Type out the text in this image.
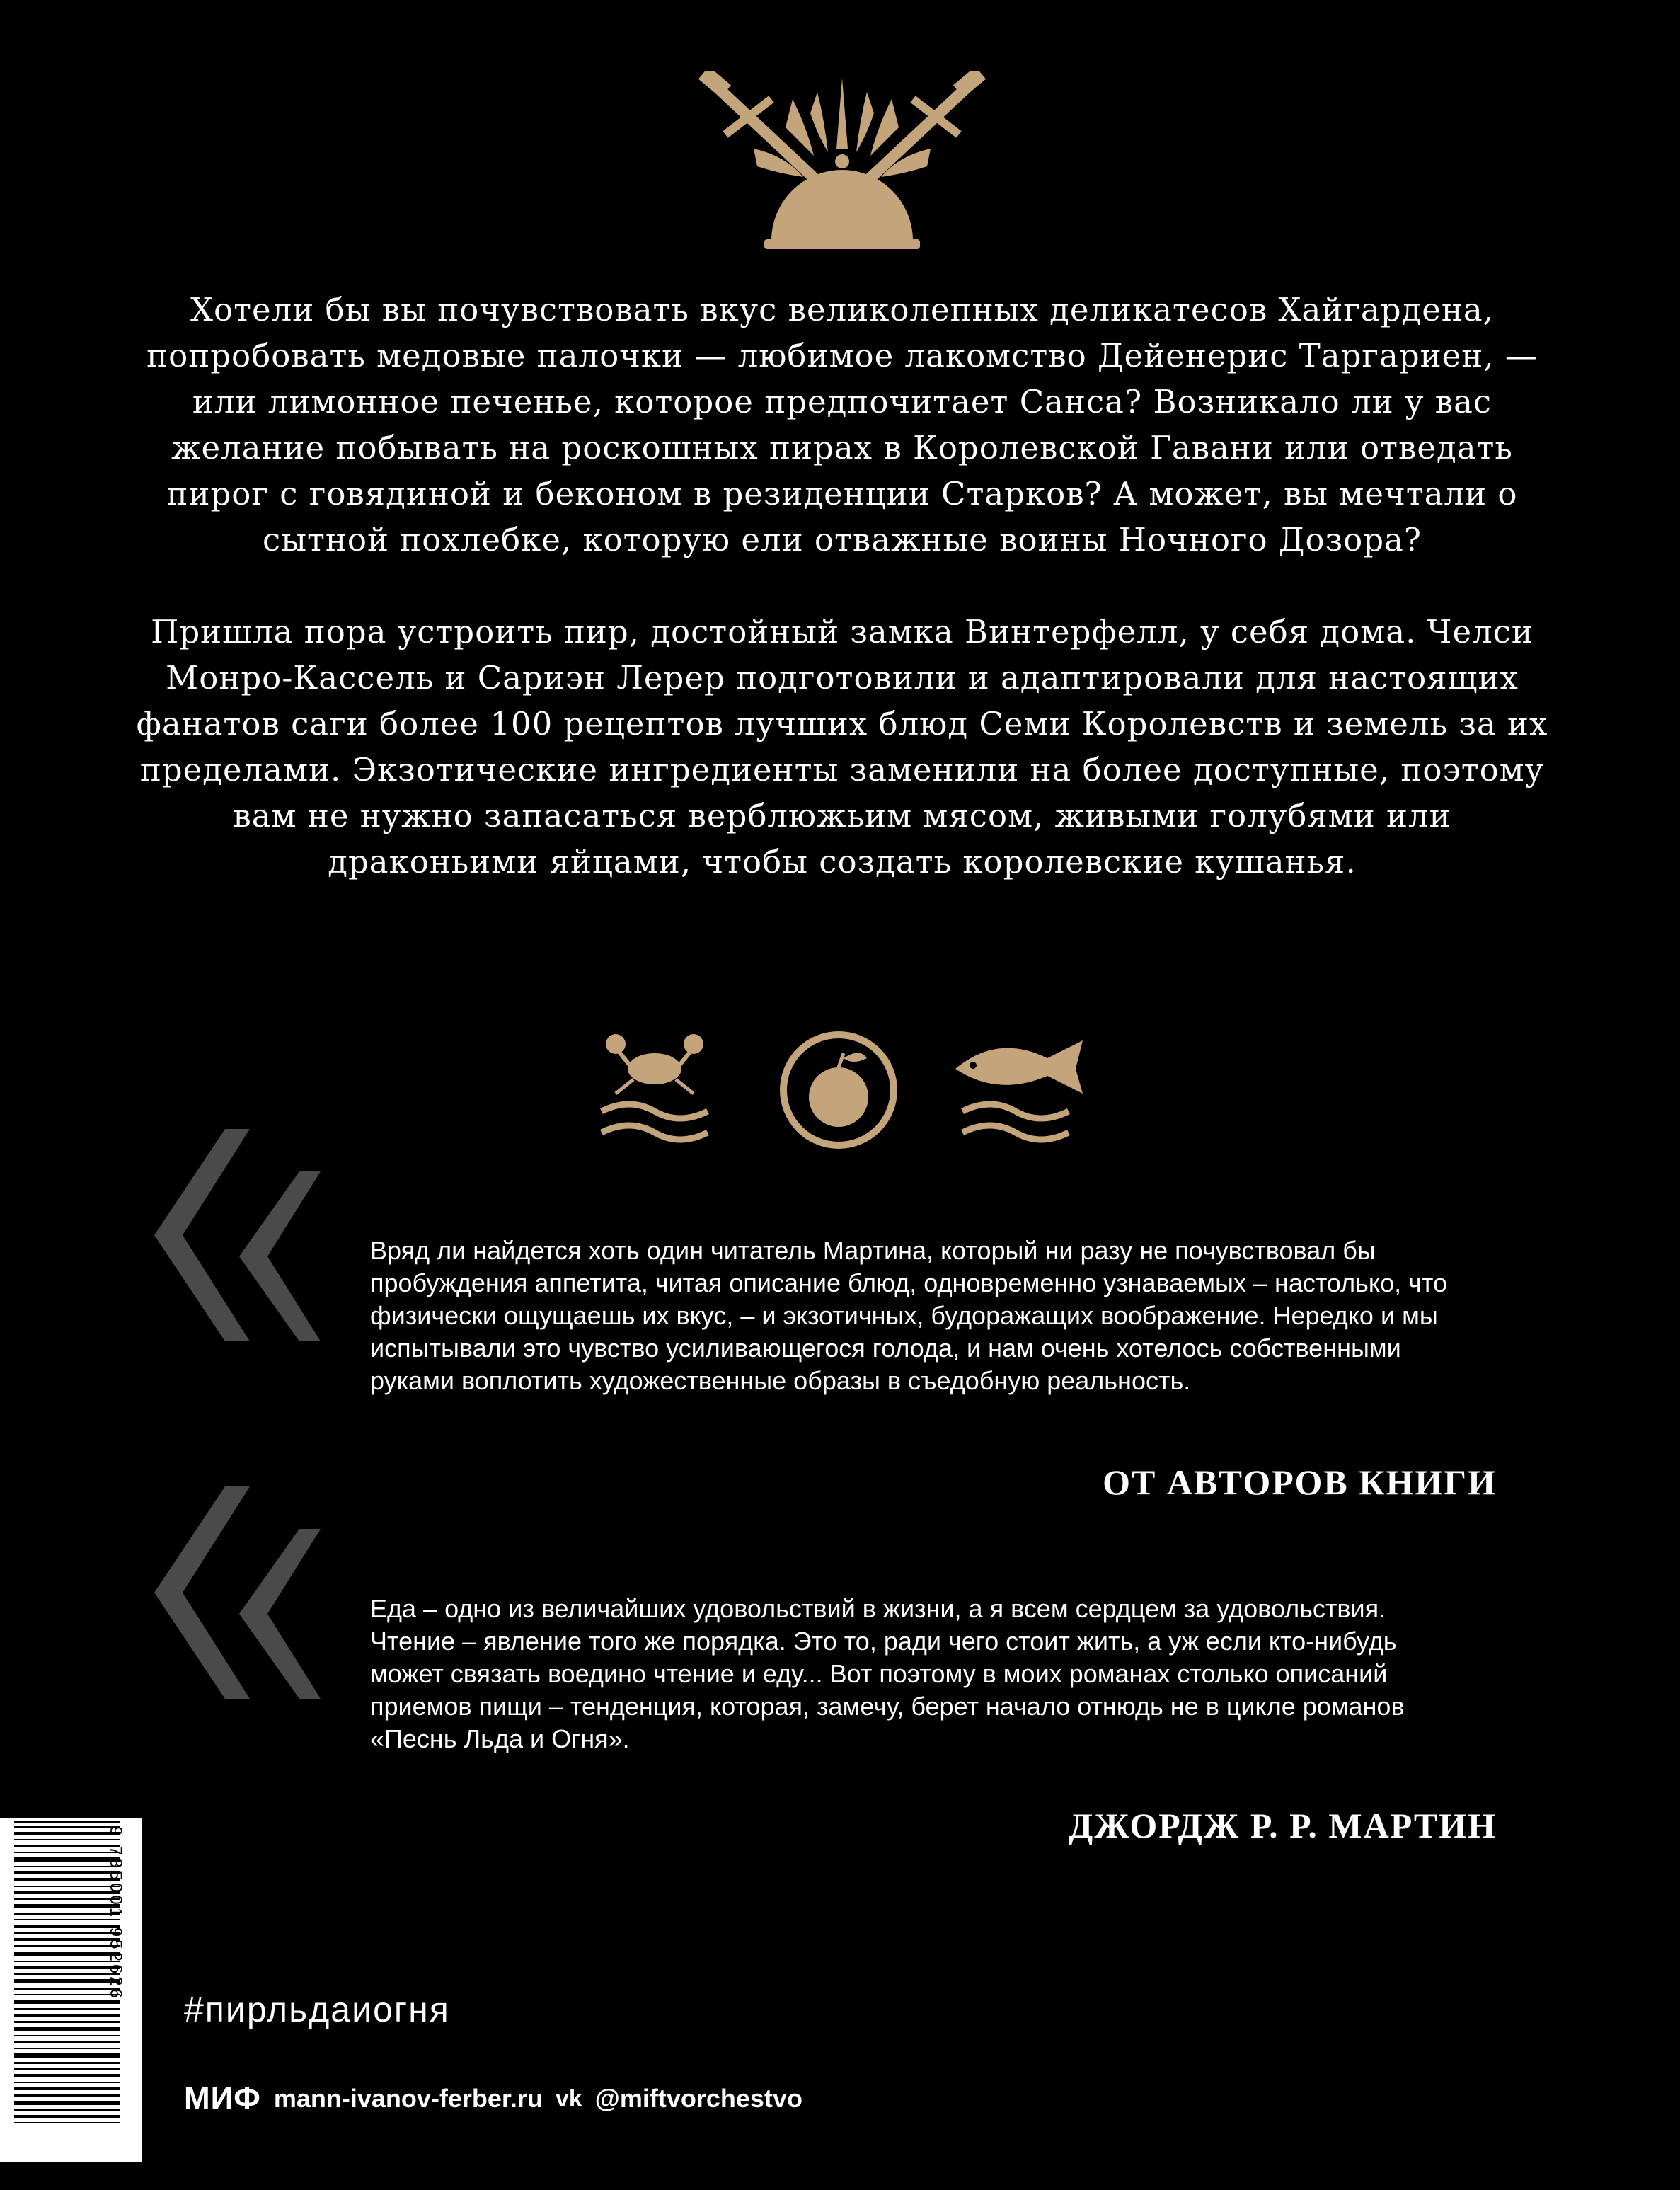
Хотели бы вы почувствовать вкус великолепных деликатесов Хайгардена, попробовать медовые палочки — любимое лакомство Дейенерис Таргариен, — или лимонное печенье, которое предпочитает Санса? Возникало ли у вас желание побывать на роскошных пирах в Королевской Гавани или отведать пирог с говядиной и беконом в резиденции Старков? А может, вы мечтали о сытной похлебке, которую ели отважные воины Ночного Дозора?

Пришла пора устроить пир, достойный замка Винтерфелл, у себя дома. Челси Монро-Кассель и Сариэн Лерер подготовили и адаптировали для настоящих фанатов саги более 100 рецептов лучших блюд Семи Королевств и земель за их пределами. Экзотические ингредиенты заменили на более доступные, поэтому вам не нужно запасаться верблюжьим мясом, живыми голубями или драконьими яйцами, чтобы создать королевские кушанья.

Вряд ли найдется хоть один читатель Мартина, который ни разу не почувствовал бы пробуждения аппетита, читая описание блюд, одновременно узнаваемых – настолько, что физически ощущаешь их вкус, – и экзотичных, будоражащих воображение. Нередко и мы испытывали это чувство усиливающегося голода, и нам очень хотелось собственными руками воплотить художественные образы в съедобную реальность.
ОТ АВТОРОВ КНИГИ
Еда – одно из величайших удовольствий в жизни, а я всем сердцем за удовольствия. Чтение – явление того же порядка. Это то, ради чего стоит жить, а уж если кто-нибудь может связать воедино чтение и еду... Вот поэтому в моих романах столько описаний приемов пищи – тенденция, которая, замечу, берет начало отнюдь не в цикле романов «Песнь Льда и Огня».
ДЖОРДЖ Р. Р. МАРТИН
9 785001 952626
#пирльдаиогня
МИФ mann-ivanov-ferber.ru vk @miftvorchestvo
